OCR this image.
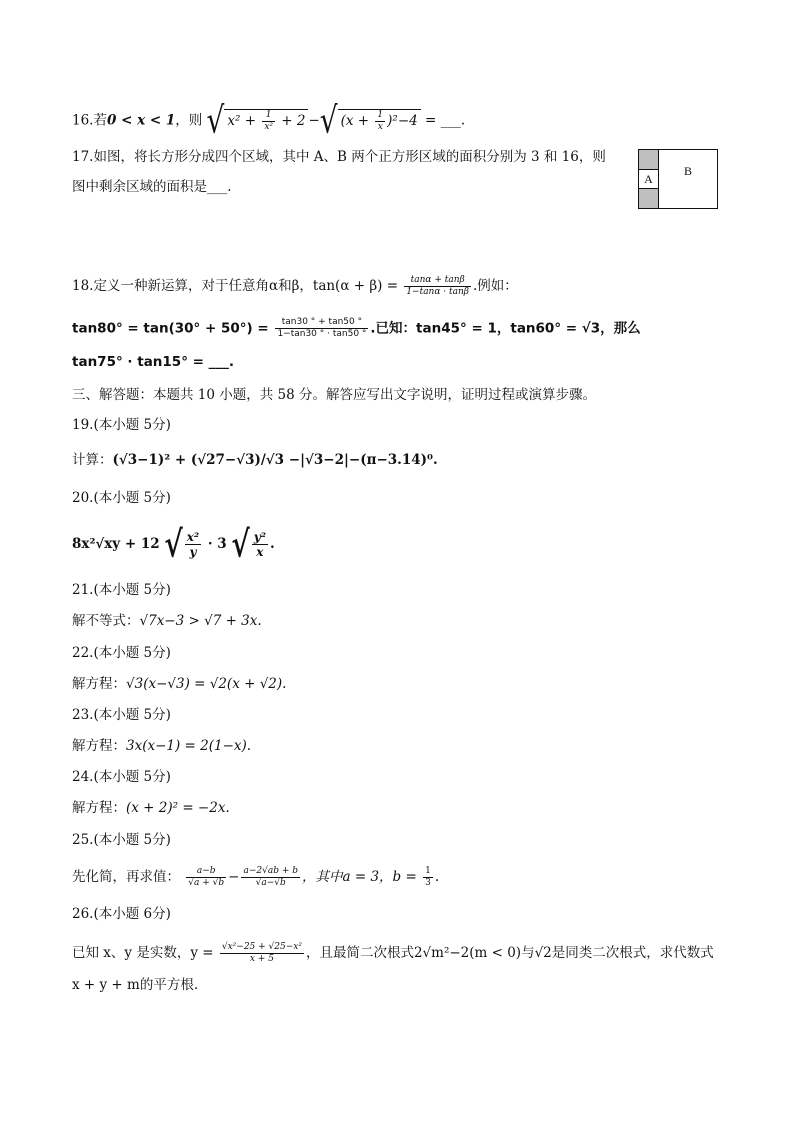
16.若0 < x < 1，则 √ $x^2 + \frac{1}{\text{x²}} + 2$ −√ $(x + \frac{1}{x} )^2-4$ = ___.
17.如图，将长方形分成四个区域，其中 A、B 两个正方形区域的面积分别为 3 和 16，则
图中剩余区域的面积是___.	A
B
18.定义一种新运算，对于任意角α和β，$\tan(\alpha + \beta) = \frac{\tan\alpha + \tan\beta}{1-\tan\alpha \cdot \tan\beta}$ .例如：
$\tan 80^\circ = \tan(30^\circ + 50^\circ) = \frac{\tan 30 ^\circ + \tan 50 ^\circ}{1-\tan 30 ^\circ \cdot \tan 50 ^\circ}$ .已知：tan45° = 1，tan60° = √3，那么
tan75° · tan15° = ___.
三、解答题：本题共 10 小题，共 58 分。解答应写出文字说明，证明过程或演算步骤。
19.(本小题 5分)
计算：(√3−1)² + (√27−√3)/√3 −|√3−2|−(π−3.14)⁰.
20.(本小题 5分)
8x²√xy + 12 √ $\frac{\text{x²}}{y} \cdot 3$ √ $\frac{\text{y²}}{x}$ .
21.(本小题 5分)
解不等式：√7x−3 > √7 + 3x.
22.(本小题 5分)
解方程：√3(x−√3) = √2(x + √2).
23.(本小题 5分)
解方程：3x(x−1) = 2(1−x).
24.(本小题 5分)
解方程：(x + 2)² = −2x.
25.(本小题 5分)
先化简，再求值： $\frac{a-b}{√a + √b} - \frac{a-2√ab + b}{√a-√b}$ ，其中a = 3，$b = \frac{1}{3}$ .
26.(本小题 6分)
已知 x、y 是实数，$y = \frac{\text{√x²−25 + √25−x²}}{x + 5}$ ，且最简二次根式2√m²−2(m < 0)与√2是同类二次根式，求代数式
x + y + m的平方根.
